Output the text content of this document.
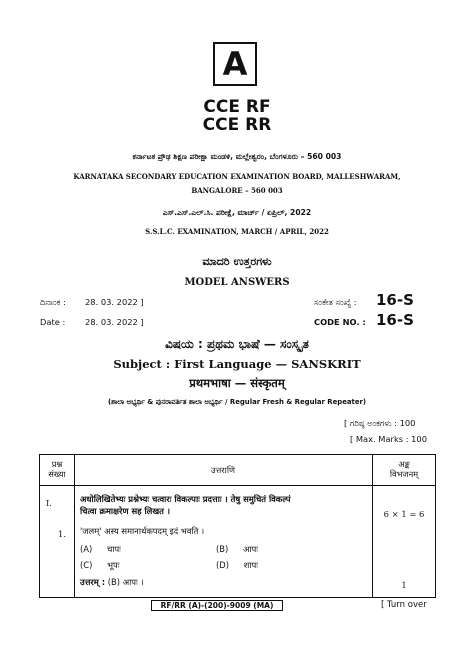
A
CCE RF
CCE RR
ಕರ್ನಾಟಕ ಪ್ರೌಢ ಶಿಕ್ಷಣ ಪರೀಕ್ಷಾ ಮಂಡಳಿ, ಮಲ್ಲೇಶ್ವರಂ, ಬೆಂಗಳೂರು – 560 003
KARNATAKA SECONDARY EDUCATION EXAMINATION BOARD, MALLESHWARAM,
BANGALORE – 560 003
ಎಸ್.ಎಸ್.ಎಲ್.ಸಿ. ಪರೀಕ್ಷೆ, ಮಾರ್ಚ್ / ಏಪ್ರಿಲ್, 2022
S.S.L.C. EXAMINATION, MARCH / APRIL, 2022
ಮಾದರಿ ಉತ್ತರಗಳು
MODEL ANSWERS
ದಿನಾಂಕ : 28. 03. 2022 ]	ಸಂಕೇತ ಸಂಖ್ಯೆ : 16-S
Date : 28. 03. 2022 ]	CODE NO. : 16-S
ವಿಷಯ : ಪ್ರಥಮ ಭಾಷೆ — ಸಂಸ್ಕೃತ
Subject : First Language — SANSKRIT
प्रथमभाषा — संस्कृतम्
(ಶಾಲಾ ಅಭ್ಯರ್ಥಿ & ಪುನರಾವರ್ತಿತ ಶಾಲಾ ಅಭ್ಯರ್ಥಿ / Regular Fresh & Regular Repeater)
[ ಗರಿಷ್ಠ ಅಂಕಗಳು : 100
[ Max. Marks : 100
प्रश्न
संख्या	उत्तराणि
अङ्क
विभजनम्
I.	अधोलिखितेभ्यः प्रश्नेभ्यः चत्वारः विकल्पाः प्रदत्ताः । तेषु समुचितं विकल्पं
चित्वा क्रमाक्षरेण सह लिखत ।	6 × 1 = 6
1. 'जलम्' अस्य समानार्थकपदम् इदं भवति ।
(A) चापः	(B) आपः
(C) भूपः	(D) शापः
उत्तरम् : (B) आपः ।	1
RF/RR (A)-(200)-9009 (MA)	[ Turn over
